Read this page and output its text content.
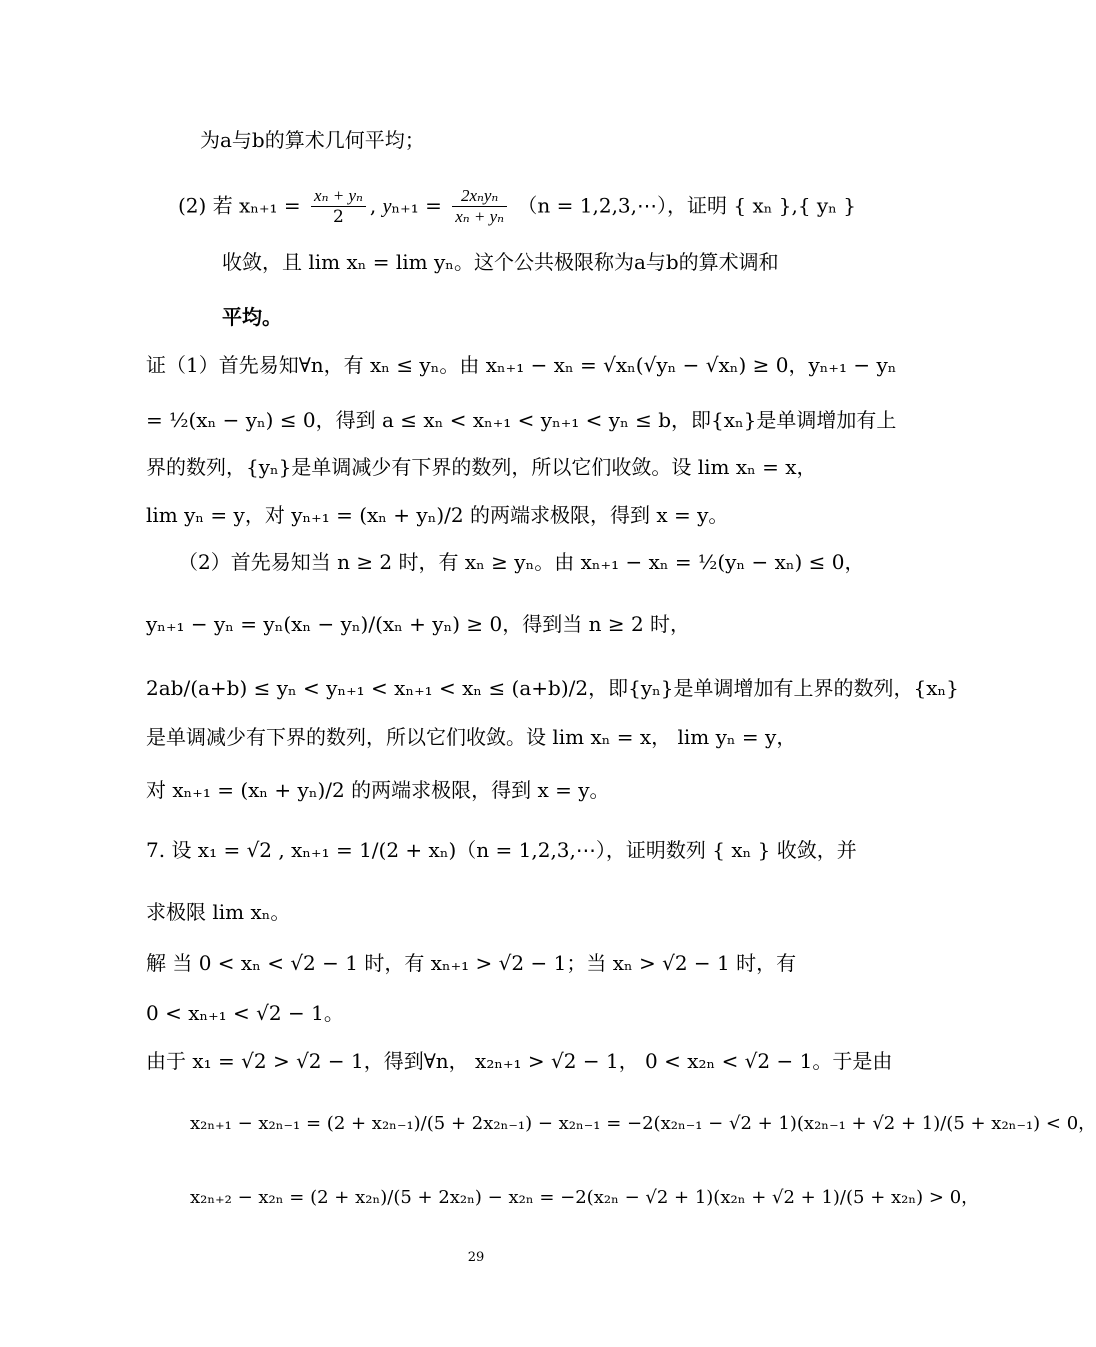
为a与b的算术几何平均；
(2) 若 $x_{n+1} = \frac{\text{xₙ + yₙ}}{2}$ , $y_{n+1} = \frac{\text{2xₙyₙ}}{\text{xₙ + yₙ}} (n$ = 1,2,3,⋯），证明 { xₙ },{ yₙ }
收敛，且 lim xₙ = lim yₙ。这个公共极限称为a与b的算术调和
平均。
证（1）首先易知∀n，有 xₙ ≤ yₙ。由 xₙ₊₁ − xₙ = √xₙ(√yₙ − √xₙ) ≥ 0，yₙ₊₁ − yₙ
= ½(xₙ − yₙ) ≤ 0，得到 a ≤ xₙ < xₙ₊₁ < yₙ₊₁ < yₙ ≤ b，即{xₙ}是单调增加有上
界的数列，{yₙ}是单调减少有下界的数列，所以它们收敛。设 lim xₙ = x，
lim yₙ = y，对 yₙ₊₁ = (xₙ + yₙ)/2 的两端求极限，得到 x = y。
（2）首先易知当 n ≥ 2 时，有 xₙ ≥ yₙ。由 xₙ₊₁ − xₙ = ½(yₙ − xₙ) ≤ 0，
yₙ₊₁ − yₙ = yₙ(xₙ − yₙ)/(xₙ + yₙ) ≥ 0，得到当 n ≥ 2 时，
2ab/(a+b) ≤ yₙ < yₙ₊₁ < xₙ₊₁ < xₙ ≤ (a+b)/2，即{yₙ}是单调增加有上界的数列，{xₙ}
是单调减少有下界的数列，所以它们收敛。设 lim xₙ = x， lim yₙ = y，
对 xₙ₊₁ = (xₙ + yₙ)/2 的两端求极限，得到 x = y。
7. 设 x₁ = √2 , xₙ₊₁ = 1/(2 + xₙ)（n = 1,2,3,⋯），证明数列 { xₙ } 收敛，并
求极限 lim xₙ。
解 当 0 < xₙ < √2 − 1 时，有 xₙ₊₁ > √2 − 1；当 xₙ > √2 − 1 时，有
0 < xₙ₊₁ < √2 − 1。
由于 x₁ = √2 > √2 − 1，得到∀n， x₂ₙ₊₁ > √2 − 1， 0 < x₂ₙ < √2 − 1。于是由
x₂ₙ₊₁ − x₂ₙ₋₁ = (2 + x₂ₙ₋₁)/(5 + 2x₂ₙ₋₁) − x₂ₙ₋₁ = −2(x₂ₙ₋₁ − √2 + 1)(x₂ₙ₋₁ + √2 + 1)/(5 + x₂ₙ₋₁) < 0，
x₂ₙ₊₂ − x₂ₙ = (2 + x₂ₙ)/(5 + 2x₂ₙ) − x₂ₙ = −2(x₂ₙ − √2 + 1)(x₂ₙ + √2 + 1)/(5 + x₂ₙ) > 0，
29
